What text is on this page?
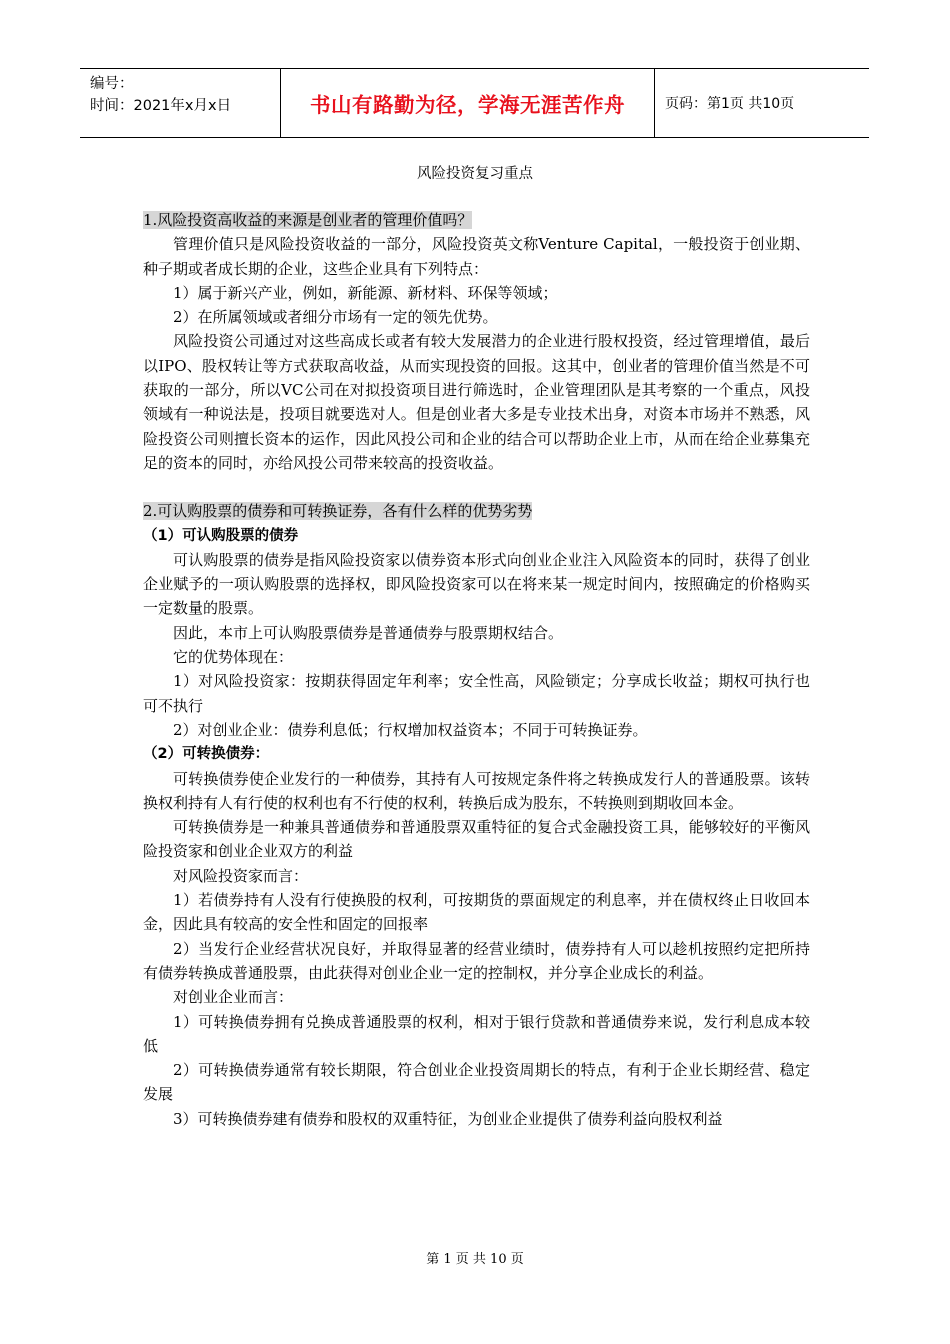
编号：
时间：2021年x月x日	书山有路勤为径，学海无涯苦作舟	页码：第1页 共10页
风险投资复习重点

1.风险投资高收益的来源是创业者的管理价值吗？

管理价值只是风险投资收益的一部分，风险投资英文称Venture Capital，一般投资于创业期、种子期或者成长期的企业，这些企业具有下列特点：

1）属于新兴产业，例如，新能源、新材料、环保等领域；

2）在所属领域或者细分市场有一定的领先优势。

风险投资公司通过对这些高成长或者有较大发展潜力的企业进行股权投资，经过管理增值，最后以IPO、股权转让等方式获取高收益，从而实现投资的回报。这其中，创业者的管理价值当然是不可获取的一部分，所以VC公司在对拟投资项目进行筛选时，企业管理团队是其考察的一个重点，风投领域有一种说法是，投项目就要选对人。但是创业者大多是专业技术出身，对资本市场并不熟悉，风险投资公司则擅长资本的运作，因此风投公司和企业的结合可以帮助企业上市，从而在给企业募集充足的资本的同时，亦给风投公司带来较高的投资收益。

2.可认购股票的债券和可转换证券，各有什么样的优势劣势

（1）可认购股票的债券

可认购股票的债券是指风险投资家以债券资本形式向创业企业注入风险资本的同时，获得了创业企业赋予的一项认购股票的选择权，即风险投资家可以在将来某一规定时间内，按照确定的价格购买一定数量的股票。

因此，本市上可认购股票债券是普通债券与股票期权结合。

它的优势体现在：

1）对风险投资家：按期获得固定年利率；安全性高，风险锁定；分享成长收益；期权可执行也可不执行

2）对创业企业：债券利息低；行权增加权益资本；不同于可转换证券。

（2）可转换债券：

可转换债券使企业发行的一种债券，其持有人可按规定条件将之转换成发行人的普通股票。该转换权利持有人有行使的权利也有不行使的权利，转换后成为股东，不转换则到期收回本金。

可转换债券是一种兼具普通债券和普通股票双重特征的复合式金融投资工具，能够较好的平衡风险投资家和创业企业双方的利益

对风险投资家而言：

1）若债券持有人没有行使换股的权利，可按期货的票面规定的利息率，并在债权终止日收回本金，因此具有较高的安全性和固定的回报率

2）当发行企业经营状况良好，并取得显著的经营业绩时，债券持有人可以趁机按照约定把所持有债券转换成普通股票，由此获得对创业企业一定的控制权，并分享企业成长的利益。

对创业企业而言：

1）可转换债券拥有兑换成普通股票的权利，相对于银行贷款和普通债券来说，发行利息成本较低

2）可转换债券通常有较长期限，符合创业企业投资周期长的特点，有利于企业长期经营、稳定发展

3）可转换债券建有债券和股权的双重特征，为创业企业提供了债券利益向股权利益

第 1 页 共 10 页
